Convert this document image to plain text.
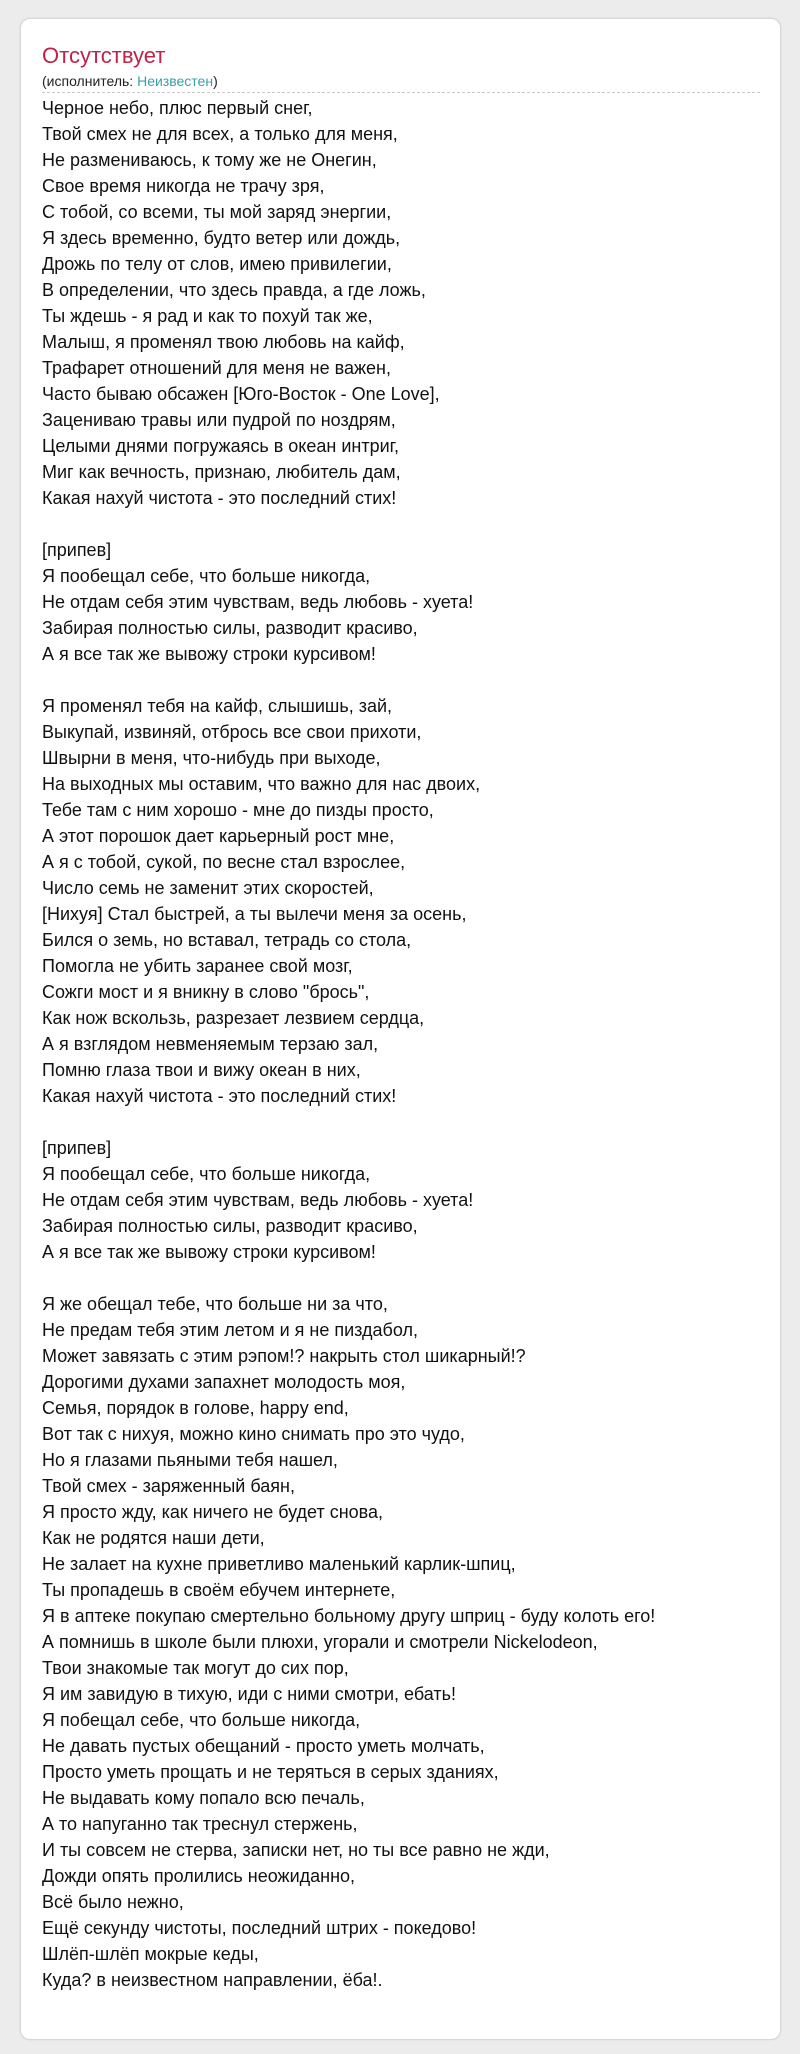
Отсутствует
(исполнитель: Неизвестен)
Черное небо, плюс первый снег,
Твой смех не для всех, а только для меня,
Не размениваюсь, к тому же не Онегин,
Свое время никогда не трачу зря,
С тобой, со всеми, ты мой заряд энергии,
Я здесь временно, будто ветер или дождь,
Дрожь по телу от слов, имею привилегии,
В определении, что здесь правда, а где ложь,
Ты ждешь - я рад и как то похуй так же,
Малыш, я променял твою любовь на кайф,
Трафарет отношений для меня не важен,
Часто бываю обсажен [Юго-Восток - One Love],
Зацениваю травы или пудрой по ноздрям,
Целыми днями погружаясь в океан интриг,
Миг как вечность, признаю, любитель дам,
Какая нахуй чистота - это последний стих!
[припев]
Я пообещал себе, что больше никогда,
Не отдам себя этим чувствам, ведь любовь - хуета!
Забирая полностью силы, разводит красиво,
А я все так же вывожу строки курсивом!
Я променял тебя на кайф, слышишь, зай,
Выкупай, извиняй, отбрось все свои прихоти,
Швырни в меня, что-нибудь при выходе,
На выходных мы оставим, что важно для нас двоих,
Тебе там с ним хорошо - мне до пизды просто,
А этот порошок дает карьерный рост мне,
А я с тобой, сукой, по весне стал взрослее,
Число семь не заменит этих скоростей,
[Нихуя] Стал быстрей, а ты вылечи меня за осень,
Бился о земь, но вставал, тетрадь со стола,
Помогла не убить заранее свой мозг,
Сожги мост и я вникну в слово "брось",
Как нож вскользь, разрезает лезвием сердца,
А я взглядом невменяемым терзаю зал,
Помню глаза твои и вижу океан в них,
Какая нахуй чистота - это последний стих!
[припев]
Я пообещал себе, что больше никогда,
Не отдам себя этим чувствам, ведь любовь - хуета!
Забирая полностью силы, разводит красиво,
А я все так же вывожу строки курсивом!
Я же обещал тебе, что больше ни за что,
Не предам тебя этим летом и я не пиздабол,
Может завязать с этим рэпом!? накрыть стол шикарный!?
Дорогими духами запахнет молодость моя,
Семья, порядок в голове, happy end,
Вот так с нихуя, можно кино снимать про это чудо,
Но я глазами пьяными тебя нашел,
Твой смех - заряженный баян,
Я просто жду, как ничего не будет снова,
Как не родятся наши дети,
Не залает на кухне приветливо маленький карлик-шпиц,
Ты пропадешь в своём ебучем интернете,
Я в аптеке покупаю смертельно больному другу шприц - буду колоть его!
А помнишь в школе были плюхи, угорали и смотрели Nickelodeon,
Твои знакомые так могут до сих пор,
Я им завидую в тихую, иди с ними смотри, ебать!
Я побещал себе, что больше никогда,
Не давать пустых обещаний - просто уметь молчать,
Просто уметь прощать и не теряться в серых зданиях,
Не выдавать кому попало всю печаль,
А то напуганно так треснул стержень,
И ты совсем не стерва, записки нет, но ты все равно не жди,
Дожди опять пролились неожиданно,
Всё было нежно,
Ещё секунду чистоты, последний штрих - покедово!
Шлёп-шлёп мокрые кеды,
Куда? в неизвестном направлении, ёба!.
